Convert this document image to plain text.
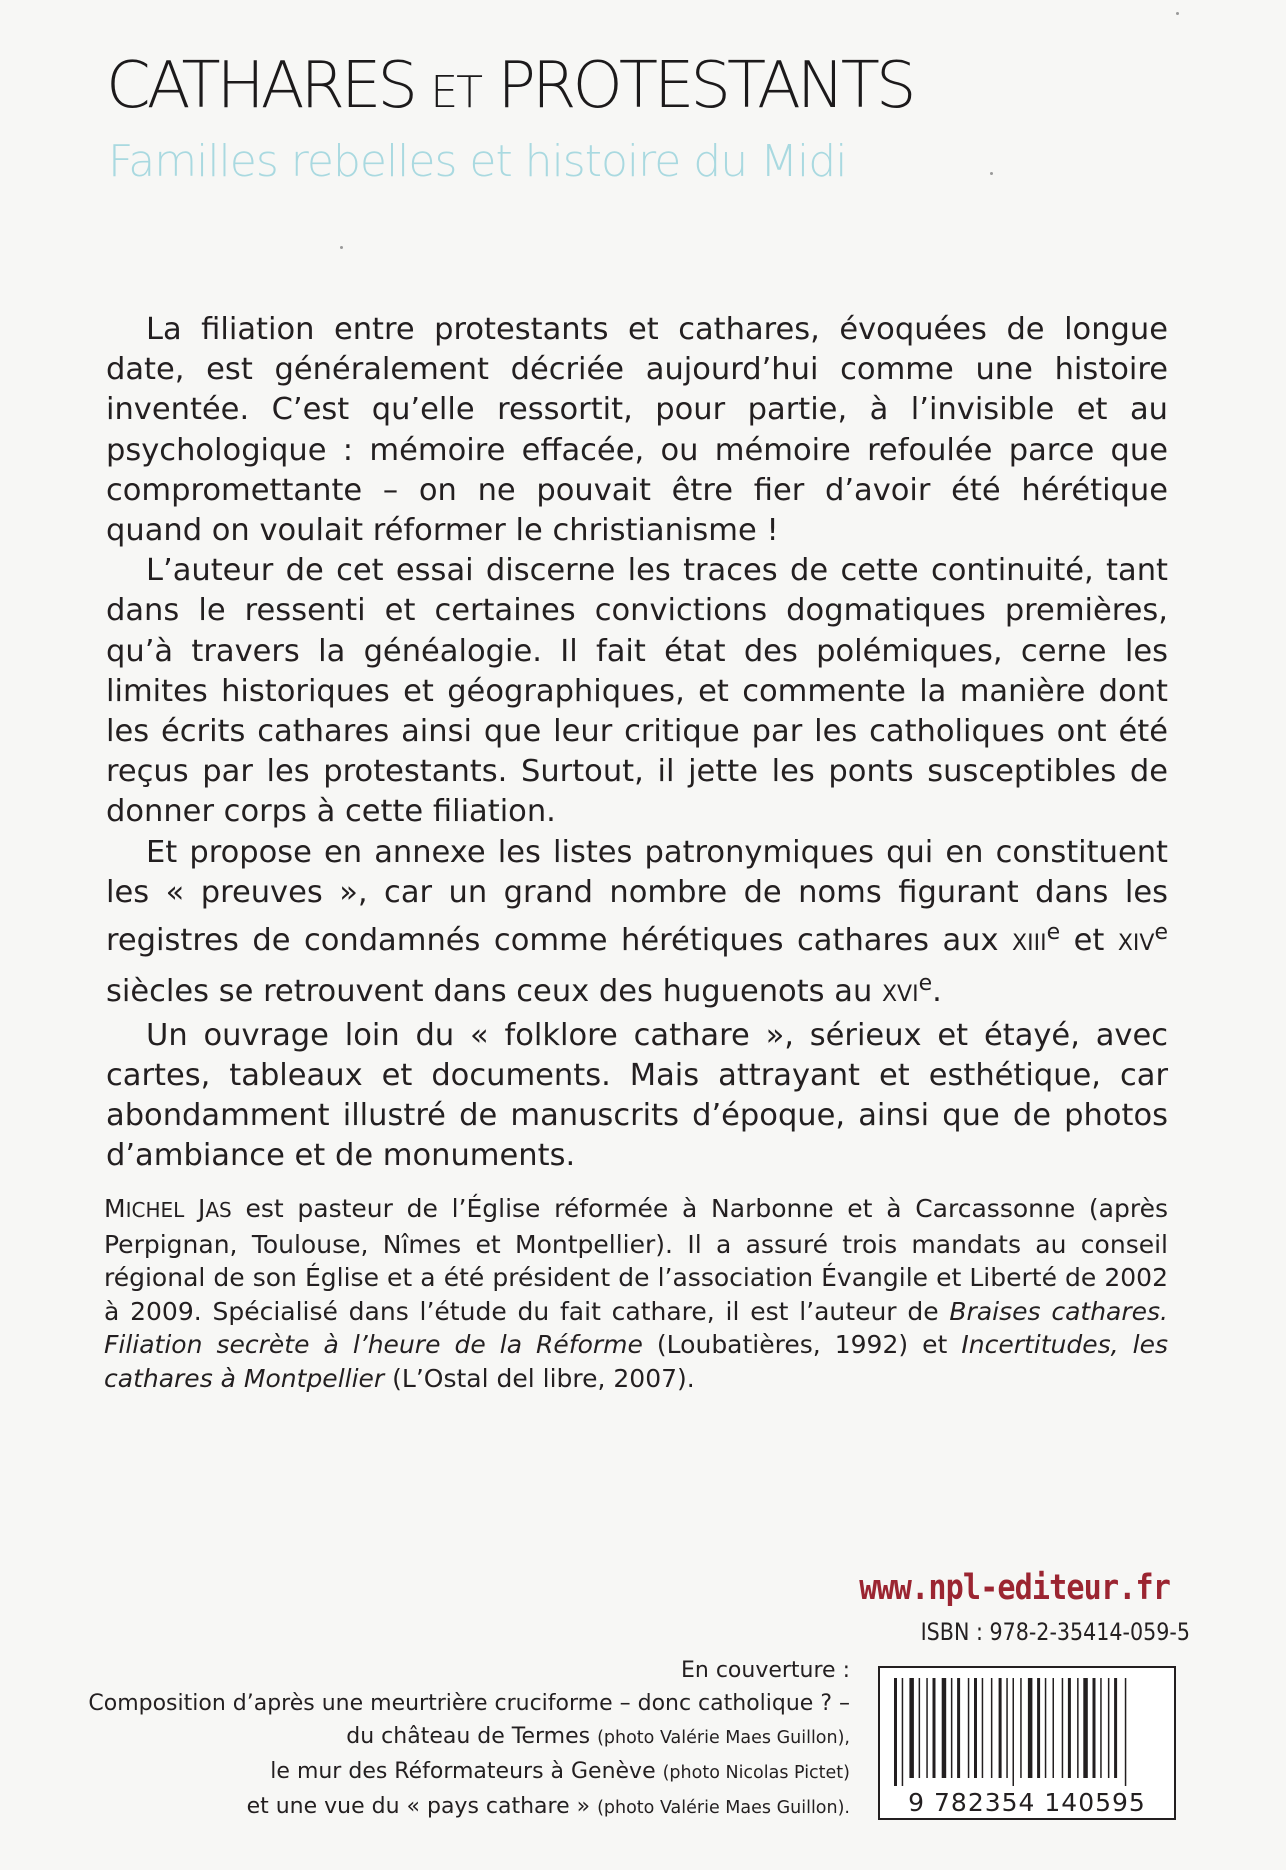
CATHARES ET PROTESTANTS
Familles rebelles et histoire du Midi

La filiation entre protestants et cathares, évoquées de longue date, est généralement décriée aujourd’hui comme une histoire inventée. C’est qu’elle ressortit, pour partie, à l’invisible et au psychologique : mémoire effacée, ou mémoire refoulée parce que compromettante – on ne pouvait être fier d’avoir été hérétique quand on voulait réformer le christianisme !

L’auteur de cet essai discerne les traces de cette continuité, tant dans le ressenti et certaines convictions dogmatiques premières, qu’à travers la généalogie. Il fait état des polémiques, cerne les limites historiques et géographiques, et commente la manière dont les écrits cathares ainsi que leur critique par les catholiques ont été reçus par les protestants. Surtout, il jette les ponts susceptibles de donner corps à cette filiation.

Et propose en annexe les listes patronymiques qui en constituent les « preuves », car un grand nombre de noms figurant dans les registres de condamnés comme hérétiques cathares aux XIIIe et XIVe siècles se retrouvent dans ceux des huguenots au XVIe.

Un ouvrage loin du « folklore cathare », sérieux et étayé, avec cartes, tableaux et documents. Mais attrayant et esthétique, car abondamment illustré de manuscrits d’époque, ainsi que de photos d’ambiance et de monuments.

MICHEL JAS est pasteur de l’Église réformée à Narbonne et à Carcassonne (après Perpignan, Toulouse, Nîmes et Montpellier). Il a assuré trois mandats au conseil régional de son Église et a été président de l’association Évangile et Liberté de 2002 à 2009. Spécialisé dans l’étude du fait cathare, il est l’auteur de Braises cathares. Filiation secrète à l’heure de la Réforme (Loubatières, 1992) et Incertitudes, les cathares à Montpellier (L’Ostal del libre, 2007).
www.npl-editeur.fr
ISBN : 978-2-35414-059-5
En couverture :
Composition d’après une meurtrière cruciforme – donc catholique ? –
du château de Termes (photo Valérie Maes Guillon),
le mur des Réformateurs à Genève (photo Nicolas Pictet)
et une vue du « pays cathare » (photo Valérie Maes Guillon).	9 782354 140595
